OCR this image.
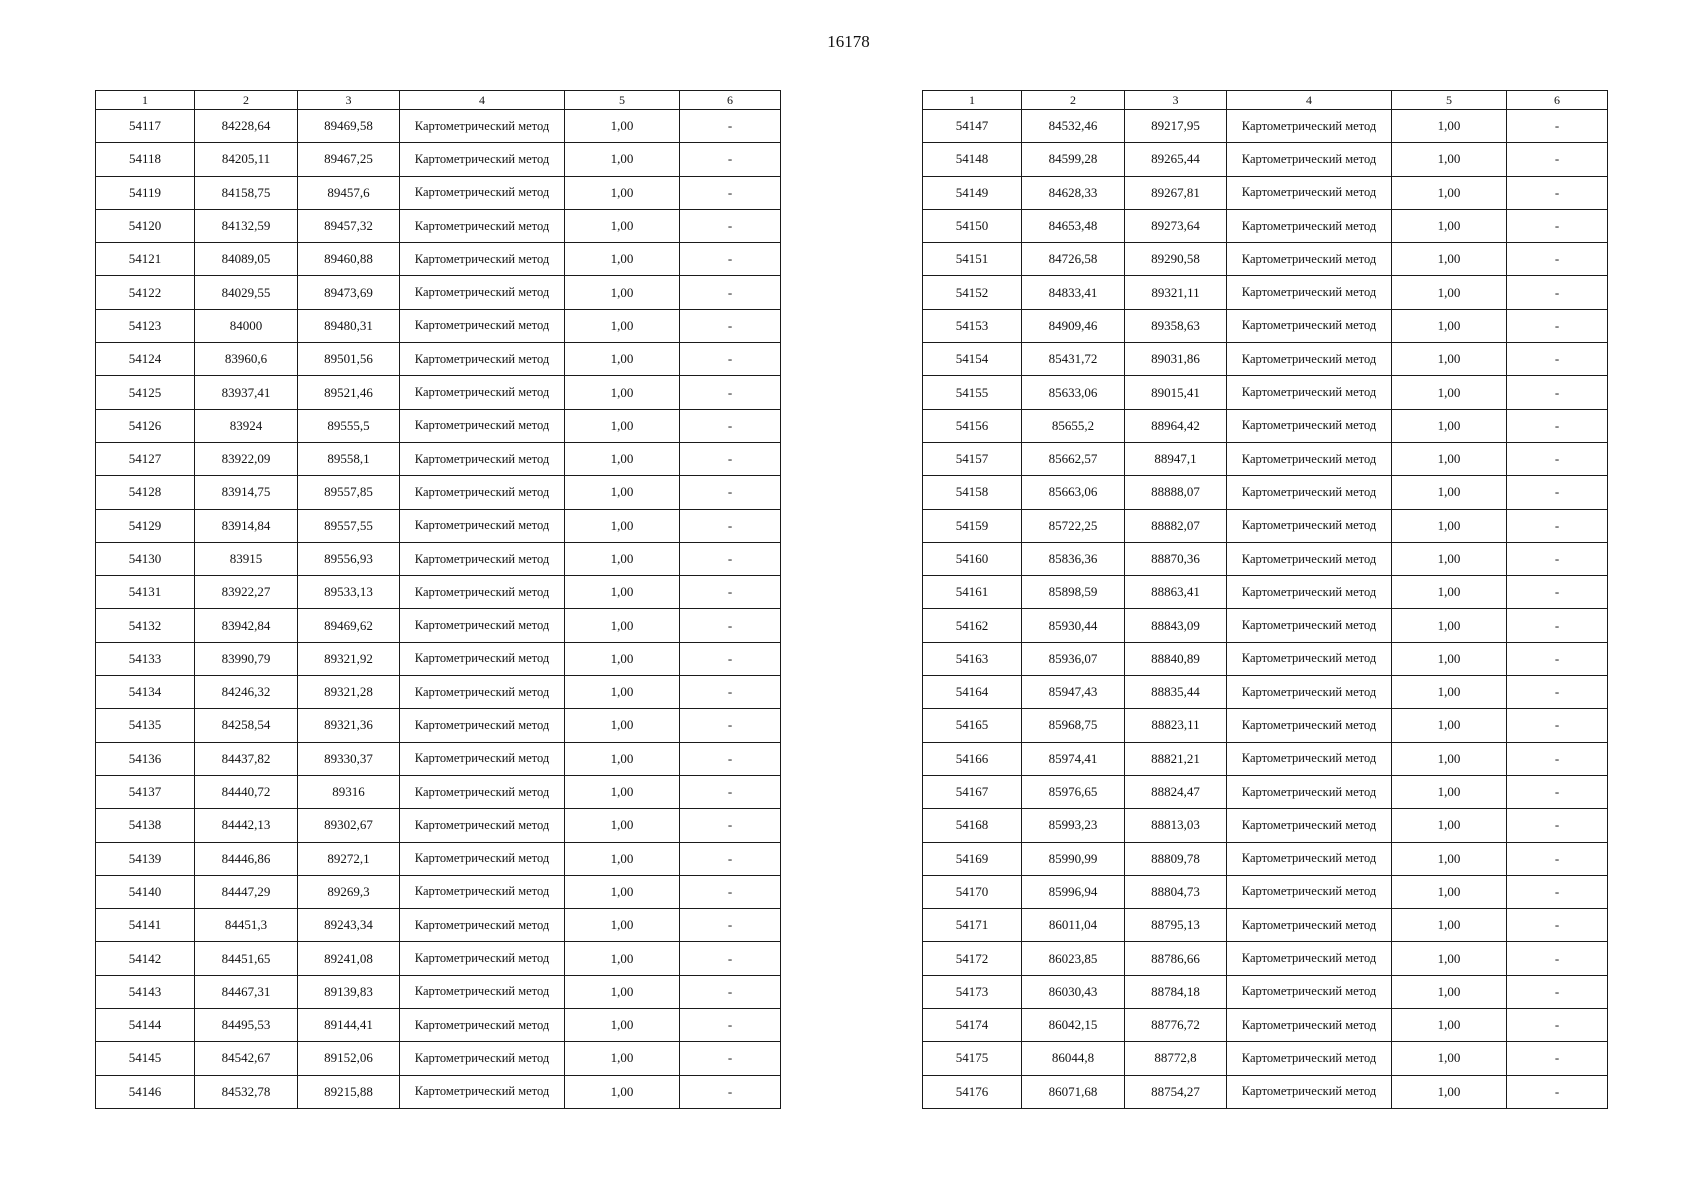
16178
1	2	3	4	5	6
54117	84228,64	89469,58	Картометрический метод	1,00	-
54118	84205,11	89467,25	Картометрический метод	1,00	-
54119	84158,75	89457,6	Картометрический метод	1,00	-
54120	84132,59	89457,32	Картометрический метод	1,00	-
54121	84089,05	89460,88	Картометрический метод	1,00	-
54122	84029,55	89473,69	Картометрический метод	1,00	-
54123	84000	89480,31	Картометрический метод	1,00	-
54124	83960,6	89501,56	Картометрический метод	1,00	-
54125	83937,41	89521,46	Картометрический метод	1,00	-
54126	83924	89555,5	Картометрический метод	1,00	-
54127	83922,09	89558,1	Картометрический метод	1,00	-
54128	83914,75	89557,85	Картометрический метод	1,00	-
54129	83914,84	89557,55	Картометрический метод	1,00	-
54130	83915	89556,93	Картометрический метод	1,00	-
54131	83922,27	89533,13	Картометрический метод	1,00	-
54132	83942,84	89469,62	Картометрический метод	1,00	-
54133	83990,79	89321,92	Картометрический метод	1,00	-
54134	84246,32	89321,28	Картометрический метод	1,00	-
54135	84258,54	89321,36	Картометрический метод	1,00	-
54136	84437,82	89330,37	Картометрический метод	1,00	-
54137	84440,72	89316	Картометрический метод	1,00	-
54138	84442,13	89302,67	Картометрический метод	1,00	-
54139	84446,86	89272,1	Картометрический метод	1,00	-
54140	84447,29	89269,3	Картометрический метод	1,00	-
54141	84451,3	89243,34	Картометрический метод	1,00	-
54142	84451,65	89241,08	Картометрический метод	1,00	-
54143	84467,31	89139,83	Картометрический метод	1,00	-
54144	84495,53	89144,41	Картометрический метод	1,00	-
54145	84542,67	89152,06	Картометрический метод	1,00	-
54146	84532,78	89215,88	Картометрический метод	1,00	-
1	2	3	4	5	6
54147	84532,46	89217,95	Картометрический метод	1,00	-
54148	84599,28	89265,44	Картометрический метод	1,00	-
54149	84628,33	89267,81	Картометрический метод	1,00	-
54150	84653,48	89273,64	Картометрический метод	1,00	-
54151	84726,58	89290,58	Картометрический метод	1,00	-
54152	84833,41	89321,11	Картометрический метод	1,00	-
54153	84909,46	89358,63	Картометрический метод	1,00	-
54154	85431,72	89031,86	Картометрический метод	1,00	-
54155	85633,06	89015,41	Картометрический метод	1,00	-
54156	85655,2	88964,42	Картометрический метод	1,00	-
54157	85662,57	88947,1	Картометрический метод	1,00	-
54158	85663,06	88888,07	Картометрический метод	1,00	-
54159	85722,25	88882,07	Картометрический метод	1,00	-
54160	85836,36	88870,36	Картометрический метод	1,00	-
54161	85898,59	88863,41	Картометрический метод	1,00	-
54162	85930,44	88843,09	Картометрический метод	1,00	-
54163	85936,07	88840,89	Картометрический метод	1,00	-
54164	85947,43	88835,44	Картометрический метод	1,00	-
54165	85968,75	88823,11	Картометрический метод	1,00	-
54166	85974,41	88821,21	Картометрический метод	1,00	-
54167	85976,65	88824,47	Картометрический метод	1,00	-
54168	85993,23	88813,03	Картометрический метод	1,00	-
54169	85990,99	88809,78	Картометрический метод	1,00	-
54170	85996,94	88804,73	Картометрический метод	1,00	-
54171	86011,04	88795,13	Картометрический метод	1,00	-
54172	86023,85	88786,66	Картометрический метод	1,00	-
54173	86030,43	88784,18	Картометрический метод	1,00	-
54174	86042,15	88776,72	Картометрический метод	1,00	-
54175	86044,8	88772,8	Картометрический метод	1,00	-
54176	86071,68	88754,27	Картометрический метод	1,00	-
